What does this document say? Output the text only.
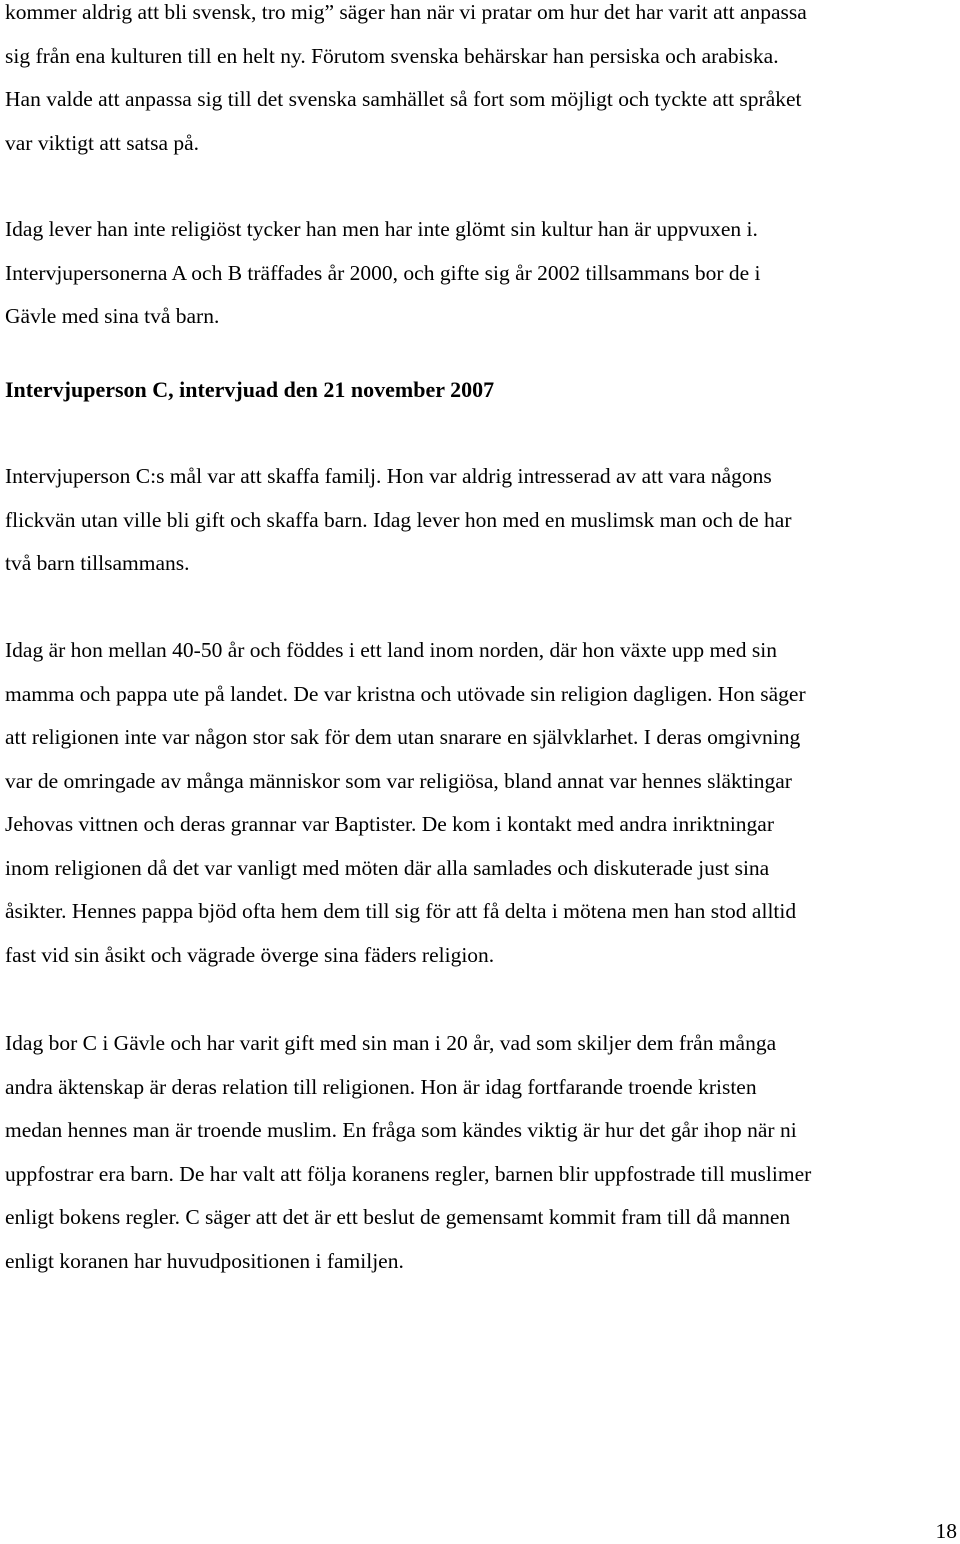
kommer aldrig att bli svensk, tro mig” säger han när vi pratar om hur det har varit att anpassa
sig från ena kulturen till en helt ny. Förutom svenska behärskar han persiska och arabiska.
Han valde att anpassa sig till det svenska samhället så fort som möjligt och tyckte att språket
var viktigt att satsa på.
Idag lever han inte religiöst tycker han men har inte glömt sin kultur han är uppvuxen i.
Intervjupersonerna A och B träffades år 2000, och gifte sig år 2002 tillsammans bor de i
Gävle med sina två barn.
Intervjuperson C, intervjuad den 21 november 2007
Intervjuperson C:s mål var att skaffa familj. Hon var aldrig intresserad av att vara någons
flickvän utan ville bli gift och skaffa barn. Idag lever hon med en muslimsk man och de har
två barn tillsammans.
Idag är hon mellan 40-50 år och föddes i ett land inom norden, där hon växte upp med sin
mamma och pappa ute på landet. De var kristna och utövade sin religion dagligen. Hon säger
att religionen inte var någon stor sak för dem utan snarare en självklarhet. I deras omgivning
var de omringade av många människor som var religiösa, bland annat var hennes släktingar
Jehovas vittnen och deras grannar var Baptister. De kom i kontakt med andra inriktningar
inom religionen då det var vanligt med möten där alla samlades och diskuterade just sina
åsikter. Hennes pappa bjöd ofta hem dem till sig för att få delta i mötena men han stod alltid
fast vid sin åsikt och vägrade överge sina fäders religion.
Idag bor C i Gävle och har varit gift med sin man i 20 år, vad som skiljer dem från många
andra äktenskap är deras relation till religionen. Hon är idag fortfarande troende kristen
medan hennes man är troende muslim. En fråga som kändes viktig är hur det går ihop när ni
uppfostrar era barn. De har valt att följa koranens regler, barnen blir uppfostrade till muslimer
enligt bokens regler. C säger att det är ett beslut de gemensamt kommit fram till då mannen
enligt koranen har huvudpositionen i familjen.
18
